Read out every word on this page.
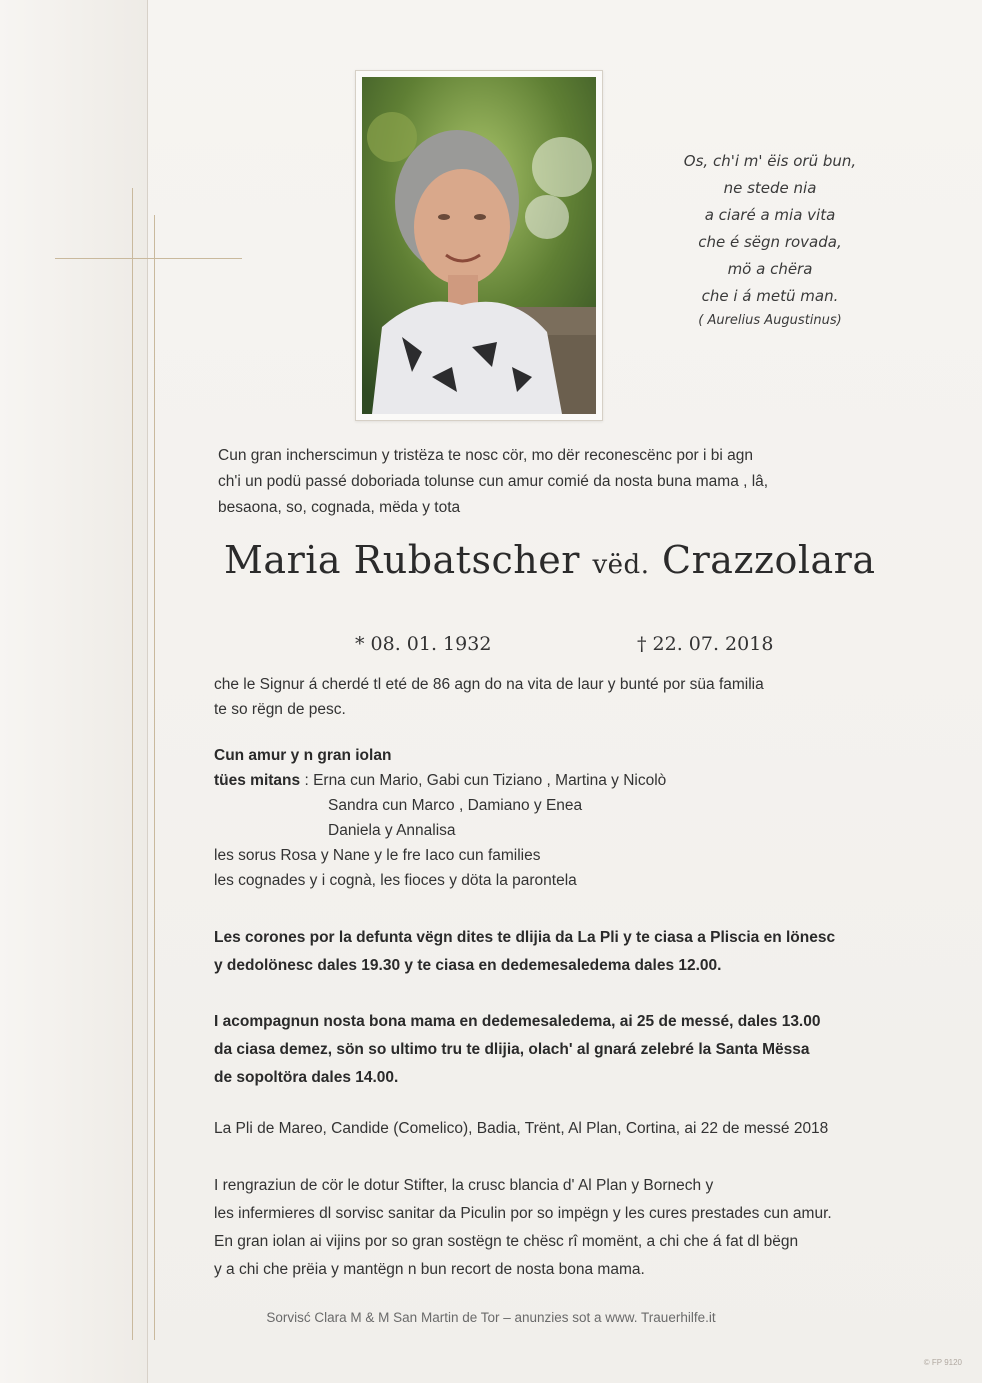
Os, ch'i m' ëis orü bun,
ne stede nia
a ciaré a mia vita
che é sëgn rovada,
mö a chëra
che i á metü man.
( Aurelius Augustinus)
Cun gran incherscimun y tristëza te nosc cör, mo dër reconescënc por i bi agn
ch'i un podü passé doboriada tolunse cun amur comié da nosta buna mama , lâ,
besaona, so, cognada, mëda y tota
Maria Rubatscher vëd. Crazzolara
* 08. 01. 1932	† 22. 07. 2018
che le Signur á cherdé tl eté de 86 agn do na vita de laur y bunté por süa familia
te so rëgn de pesc.
Cun amur y n gran iolan
tües mitans : Erna cun Mario, Gabi cun Tiziano , Martina y Nicolò
Sandra cun Marco , Damiano y Enea
Daniela y Annalisa
les sorus Rosa y Nane y le fre Iaco cun families
les cognades y i cognà, les fioces y döta la parontela
Les corones por la defunta vëgn dites te dlijia da La Pli y te ciasa a Pliscia en lönesc
y dedolönesc dales 19.30 y te ciasa en dedemesaledema dales 12.00.
I acompagnun nosta bona mama en dedemesaledema, ai 25 de messé, dales 13.00
da ciasa demez, sön so ultimo tru te dlijia, olach' al gnará zelebré la Santa Mëssa
de sopoltöra dales 14.00.
La Pli de Mareo, Candide (Comelico), Badia, Trënt, Al Plan, Cortina, ai 22 de messé 2018
I rengraziun de cör le dotur Stifter, la crusc blancia d' Al Plan y Bornech y
les infermieres dl sorvisc sanitar da Piculin por so impëgn y les cures prestades cun amur.
En gran iolan ai vijins por so gran sostëgn te chësc rî momënt, a chi che á fat dl bëgn
y a chi che prëia y mantëgn n bun recort de nosta bona mama.
Sorvisć Clara M & M San Martin de Tor – anunzies sot a www. Trauerhilfe.it
© FP 9120
